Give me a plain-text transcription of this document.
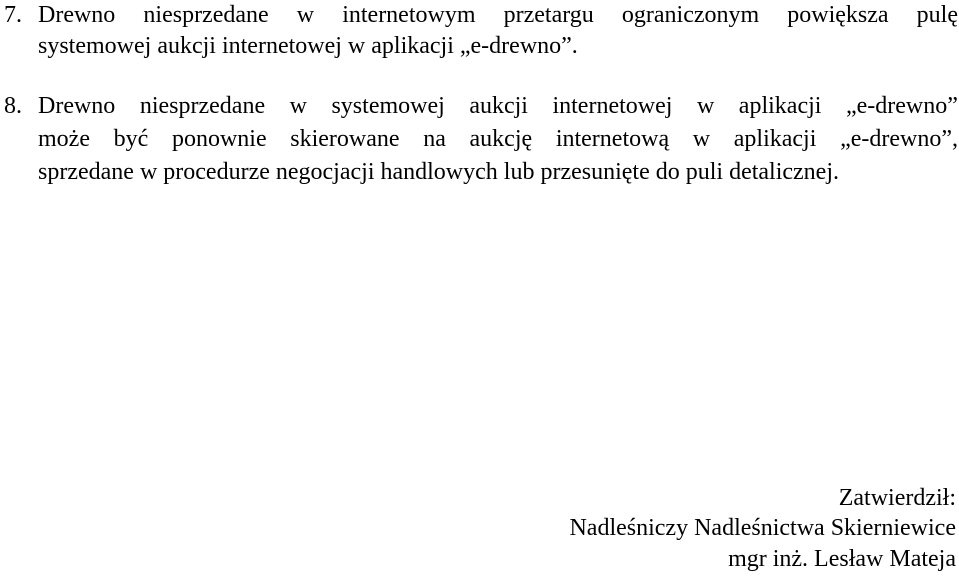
7. Drewno niesprzedane w internetowym przetargu ograniczonym powiększa pulę
systemowej aukcji internetowej w aplikacji „e-drewno”.
8. Drewno niesprzedane w systemowej aukcji internetowej w aplikacji „e-drewno”
może być ponownie skierowane na aukcję internetową w aplikacji „e-drewno”,
sprzedane w procedurze negocjacji handlowych lub przesunięte do puli detalicznej.
Zatwierdził:
Nadleśniczy Nadleśnictwa Skierniewice
mgr inż. Lesław Mateja
